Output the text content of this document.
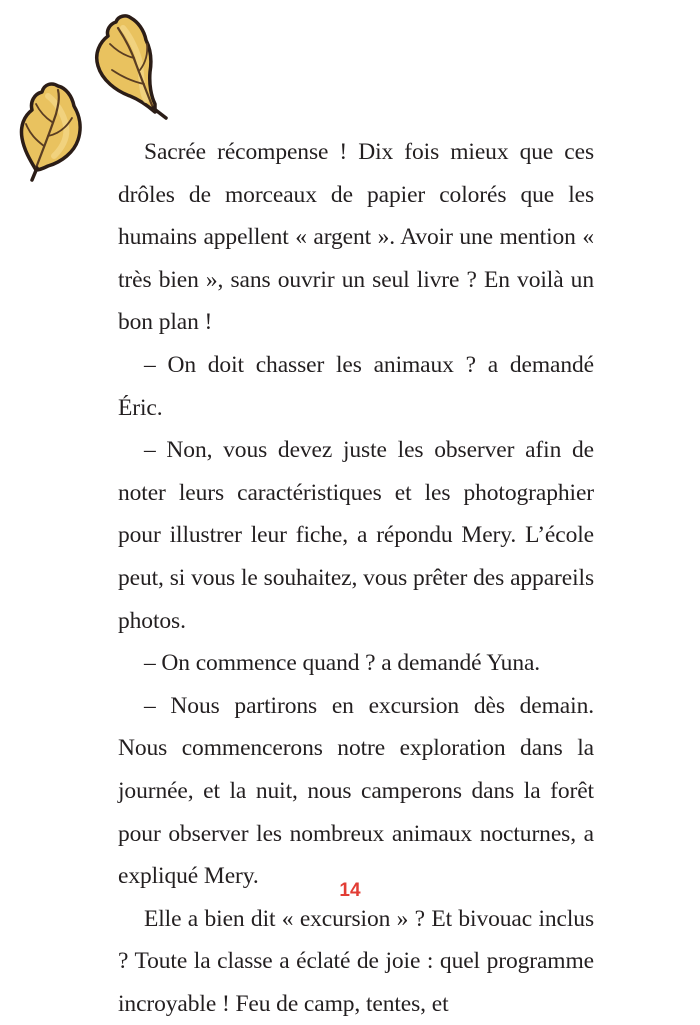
Sacrée récompense ! Dix fois mieux que ces drôles de morceaux de papier colorés que les humains appellent « argent ». Avoir une mention « très bien », sans ouvrir un seul livre ? En voilà un bon plan !

– On doit chasser les animaux ? a demandé Éric.

– Non, vous devez juste les observer afin de noter leurs caractéristiques et les photographier pour illustrer leur fiche, a répondu Mery. L’école peut, si vous le souhaitez, vous prêter des appareils photos.

– On commence quand ? a demandé Yuna.

– Nous partirons en excursion dès demain. Nous commencerons notre exploration dans la journée, et la nuit, nous camperons dans la forêt pour observer les nombreux animaux nocturnes, a expliqué Mery.

Elle a bien dit « excursion » ? Et bivouac inclus ? Toute la classe a éclaté de joie : quel programme incroyable ! Feu de camp, tentes, et

14
